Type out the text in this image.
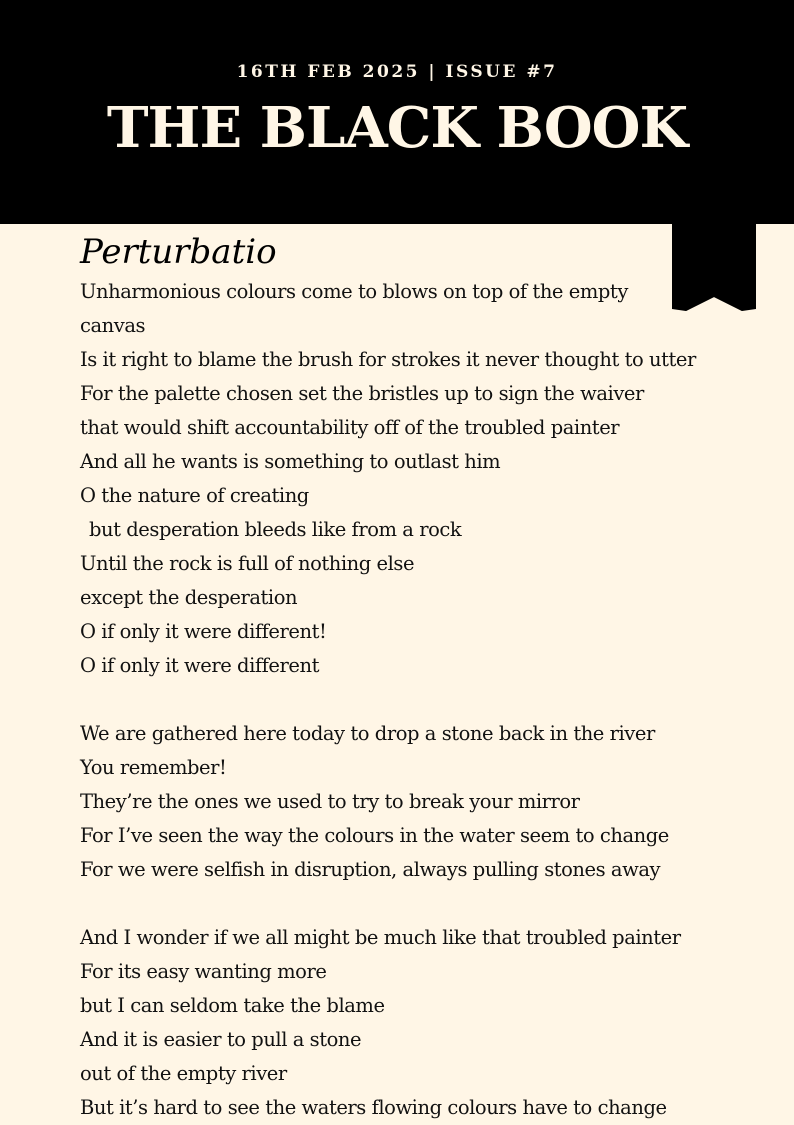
16TH FEB 2025 | ISSUE #7
THE BLACK BOOK
Perturbatio
Unharmonious colours come to blows on top of the empty
canvas
Is it right to blame the brush for strokes it never thought to utter
For the palette chosen set the bristles up to sign the waiver
that would shift accountability off of the troubled painter
And all he wants is something to outlast him
O the nature of creating
but desperation bleeds like from a rock
Until the rock is full of nothing else
except the desperation
O if only it were different!
O if only it were different
We are gathered here today to drop a stone back in the river
You remember!
They’re the ones we used to try to break your mirror
For I’ve seen the way the colours in the water seem to change
For we were selfish in disruption, always pulling stones away
And I wonder if we all might be much like that troubled painter
For its easy wanting more
but I can seldom take the blame
And it is easier to pull a stone
out of the empty river
But it’s hard to see the waters flowing colours have to change
